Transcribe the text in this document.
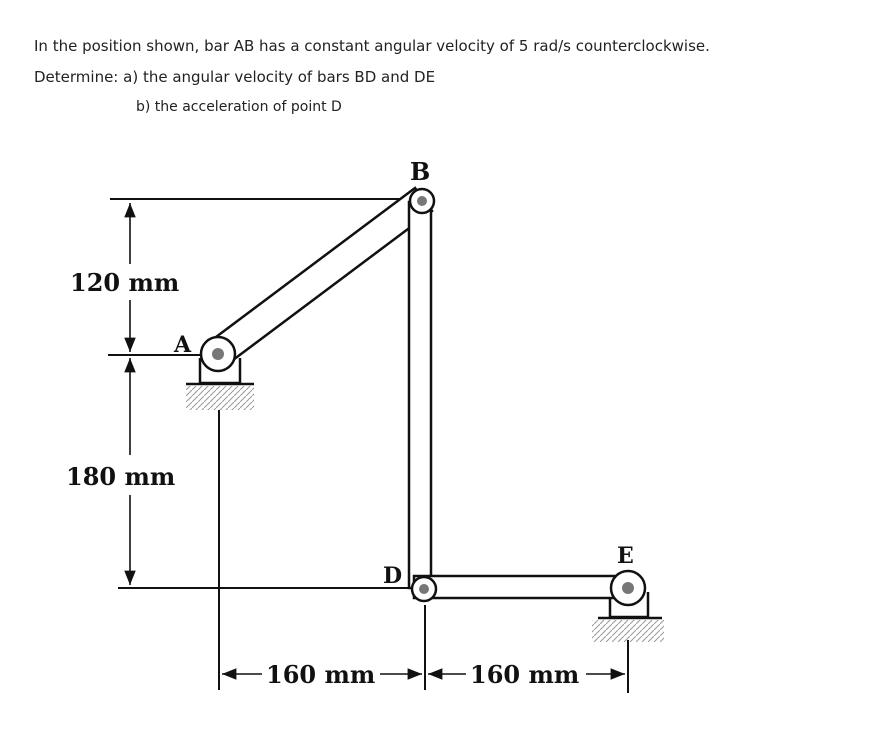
In the position shown, bar AB has a constant angular velocity of 5 rad/s counterclockwise.

Determine: a) the angular velocity of bars BD and DE

b) the acceleration of point D

B
A
D
E
120 mm
180 mm
160 mm	160 mm
